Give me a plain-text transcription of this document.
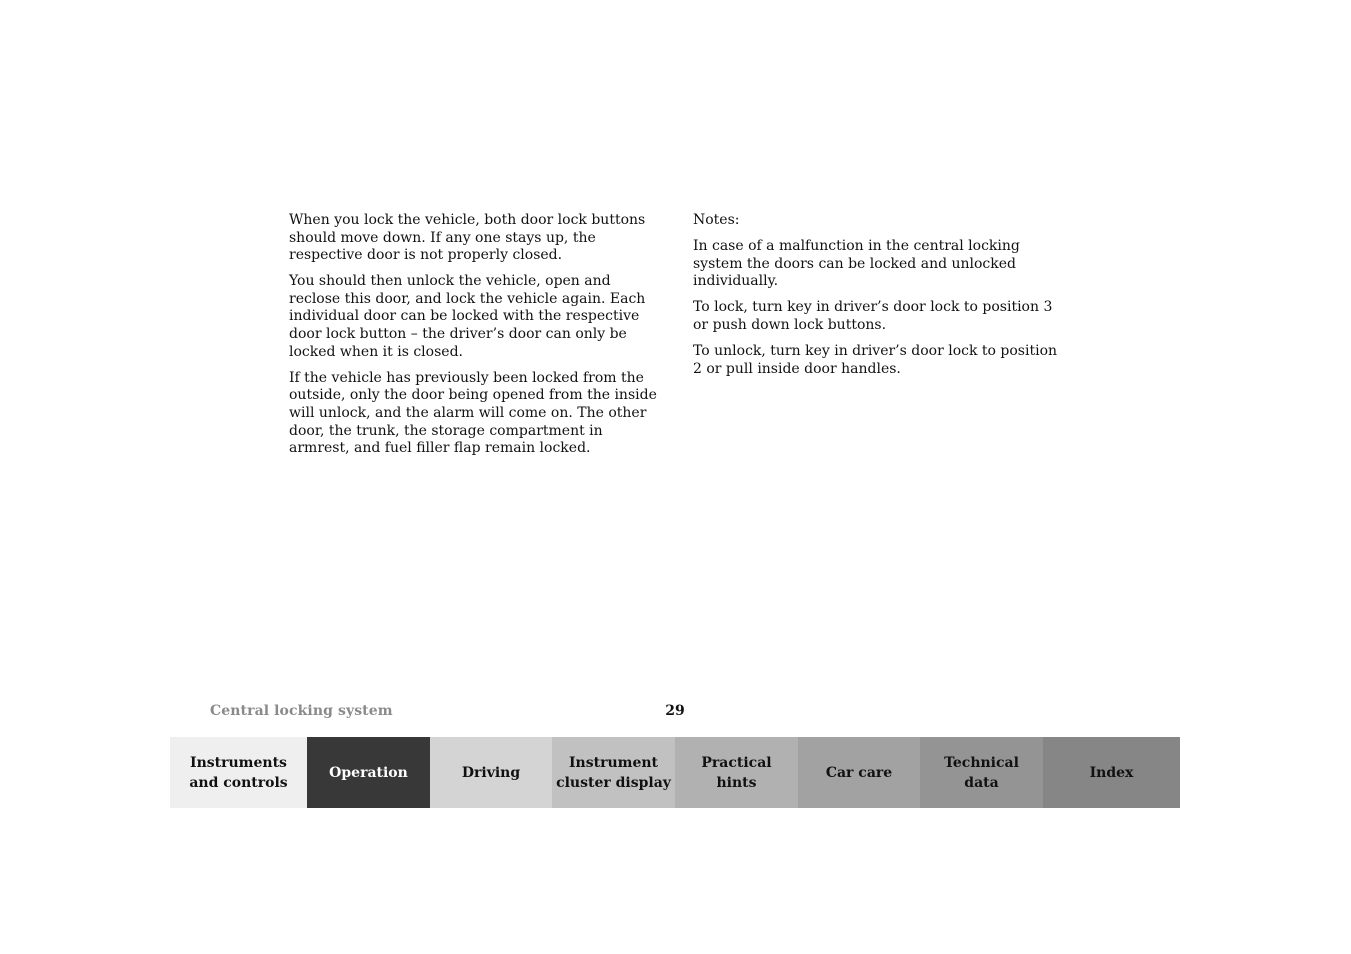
When you lock the vehicle, both door lock buttons should move down. If any one stays up, the respective door is not properly closed.

You should then unlock the vehicle, open and reclose this door, and lock the vehicle again. Each individual door can be locked with the respective door lock button – the driver’s door can only be locked when it is closed.

If the vehicle has previously been locked from the outside, only the door being opened from the inside will unlock, and the alarm will come on. The other door, the trunk, the storage compartment in armrest, and fuel filler flap remain locked.

Notes:

In case of a malfunction in the central locking system the doors can be locked and unlocked individually.

To lock, turn key in driver’s door lock to position 3 or push down lock buttons.

To unlock, turn key in driver’s door lock to position 2 or pull inside door handles.

Central locking system	29
Instruments
and controls
Operation	Driving
Instrument
cluster display
Practical hints
Car care
Technical
data
Index
